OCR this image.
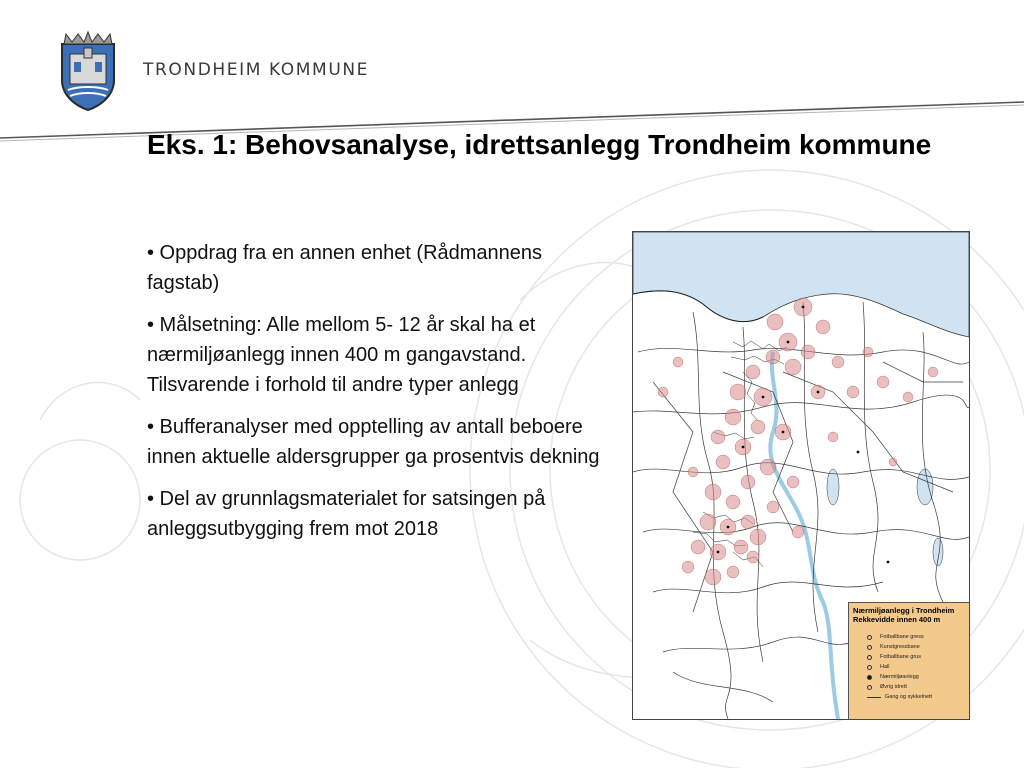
TRONDHEIM KOMMUNE
Eks. 1: Behovsanalyse, idrettsanlegg Trondheim kommune

• Oppdrag fra en annen enhet (Rådmannens fagstab)

• Målsetning: Alle mellom 5- 12 år skal ha et nærmiljøanlegg innen 400 m gangavstand. Tilsvarende i forhold til andre typer anlegg

• Bufferanalyser med opptelling av antall beboere innen aktuelle aldersgrupper ga prosentvis dekning

• Del av grunnlagsmaterialet for satsingen på anleggsutbygging frem mot 2018

Nærmiljøanlegg i Trondheim Rekkevidde innen 400 m
Fotballbane gress
Kunstgressbane
Fotballbane grus
Hall
Nærmiljøanlegg
Øvrig idrett
Gang og sykkelnett
